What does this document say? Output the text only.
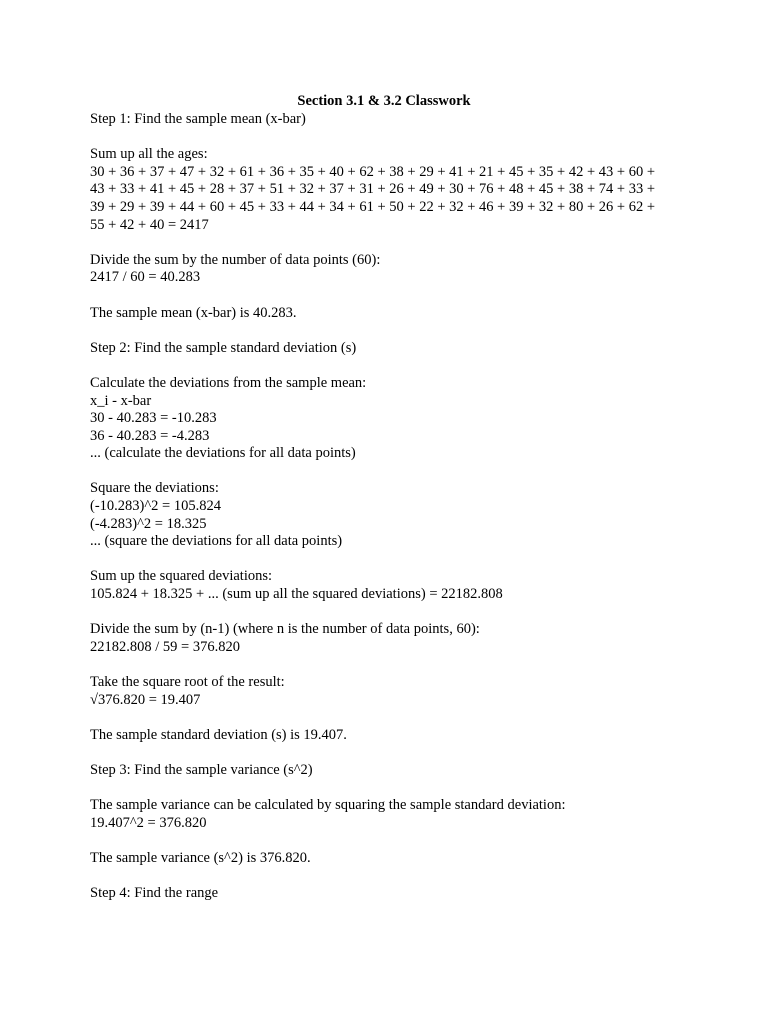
Section 3.1 & 3.2 Classwork
Step 1: Find the sample mean (x-bar)
Sum up all the ages:
30 + 36 + 37 + 47 + 32 + 61 + 36 + 35 + 40 + 62 + 38 + 29 + 41 + 21 + 45 + 35 + 42 + 43 + 60 +
43 + 33 + 41 + 45 + 28 + 37 + 51 + 32 + 37 + 31 + 26 + 49 + 30 + 76 + 48 + 45 + 38 + 74 + 33 +
39 + 29 + 39 + 44 + 60 + 45 + 33 + 44 + 34 + 61 + 50 + 22 + 32 + 46 + 39 + 32 + 80 + 26 + 62 +
55 + 42 + 40 = 2417
Divide the sum by the number of data points (60):
2417 / 60 = 40.283
The sample mean (x-bar) is 40.283.
Step 2: Find the sample standard deviation (s)
Calculate the deviations from the sample mean:
x_i - x-bar
30 - 40.283 = -10.283
36 - 40.283 = -4.283
... (calculate the deviations for all data points)
Square the deviations:
(-10.283)^2 = 105.824
(-4.283)^2 = 18.325
... (square the deviations for all data points)
Sum up the squared deviations:
105.824 + 18.325 + ... (sum up all the squared deviations) = 22182.808
Divide the sum by (n-1) (where n is the number of data points, 60):
22182.808 / 59 = 376.820
Take the square root of the result:
√376.820 = 19.407
The sample standard deviation (s) is 19.407.
Step 3: Find the sample variance (s^2)
The sample variance can be calculated by squaring the sample standard deviation:
19.407^2 = 376.820
The sample variance (s^2) is 376.820.
Step 4: Find the range
